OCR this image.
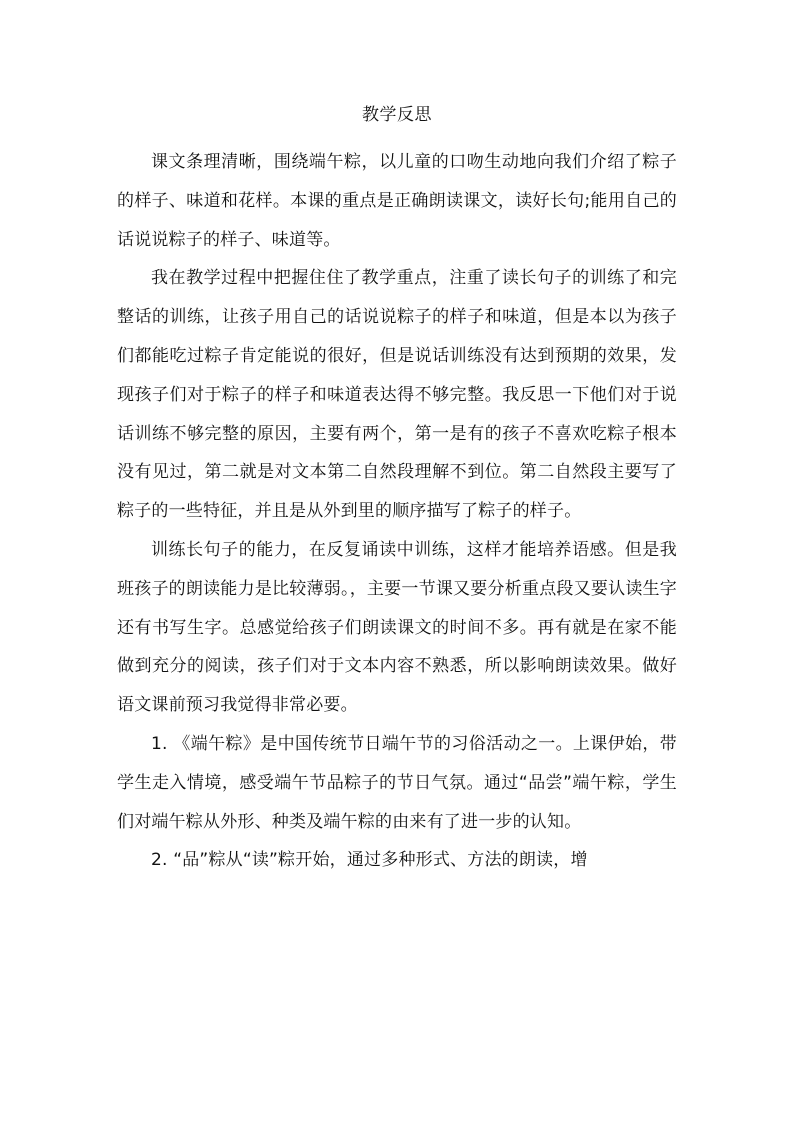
教学反思

课文条理清晰，围绕端午粽，以儿童的口吻生动地向我们介绍了粽子的样子、味道和花样。本课的重点是正确朗读课文，读好长句;能用自己的话说说粽子的样子、味道等。

我在教学过程中把握住住了教学重点，注重了读长句子的训练了和完整话的训练，让孩子用自己的话说说粽子的样子和味道，但是本以为孩子们都能吃过粽子肯定能说的很好，但是说话训练没有达到预期的效果，发现孩子们对于粽子的样子和味道表达得不够完整。我反思一下他们对于说话训练不够完整的原因，主要有两个，第一是有的孩子不喜欢吃粽子根本没有见过，第二就是对文本第二自然段理解不到位。第二自然段主要写了粽子的一些特征，并且是从外到里的顺序描写了粽子的样子。

训练长句子的能力，在反复诵读中训练，这样才能培养语感。但是我班孩子的朗读能力是比较薄弱。，主要一节课又要分析重点段又要认读生字还有书写生字。总感觉给孩子们朗读课文的时间不多。再有就是在家不能做到充分的阅读，孩子们对于文本内容不熟悉，所以影响朗读效果。做好语文课前预习我觉得非常必要。

1. 《端午粽》是中国传统节日端午节的习俗活动之一。上课伊始，带学生走入情境，感受端午节品粽子的节日气氛。通过“品尝”端午粽，学生们对端午粽从外形、种类及端午粽的由来有了进一步的认知。

2. “品”粽从“读”粽开始，通过多种形式、方法的朗读，增
